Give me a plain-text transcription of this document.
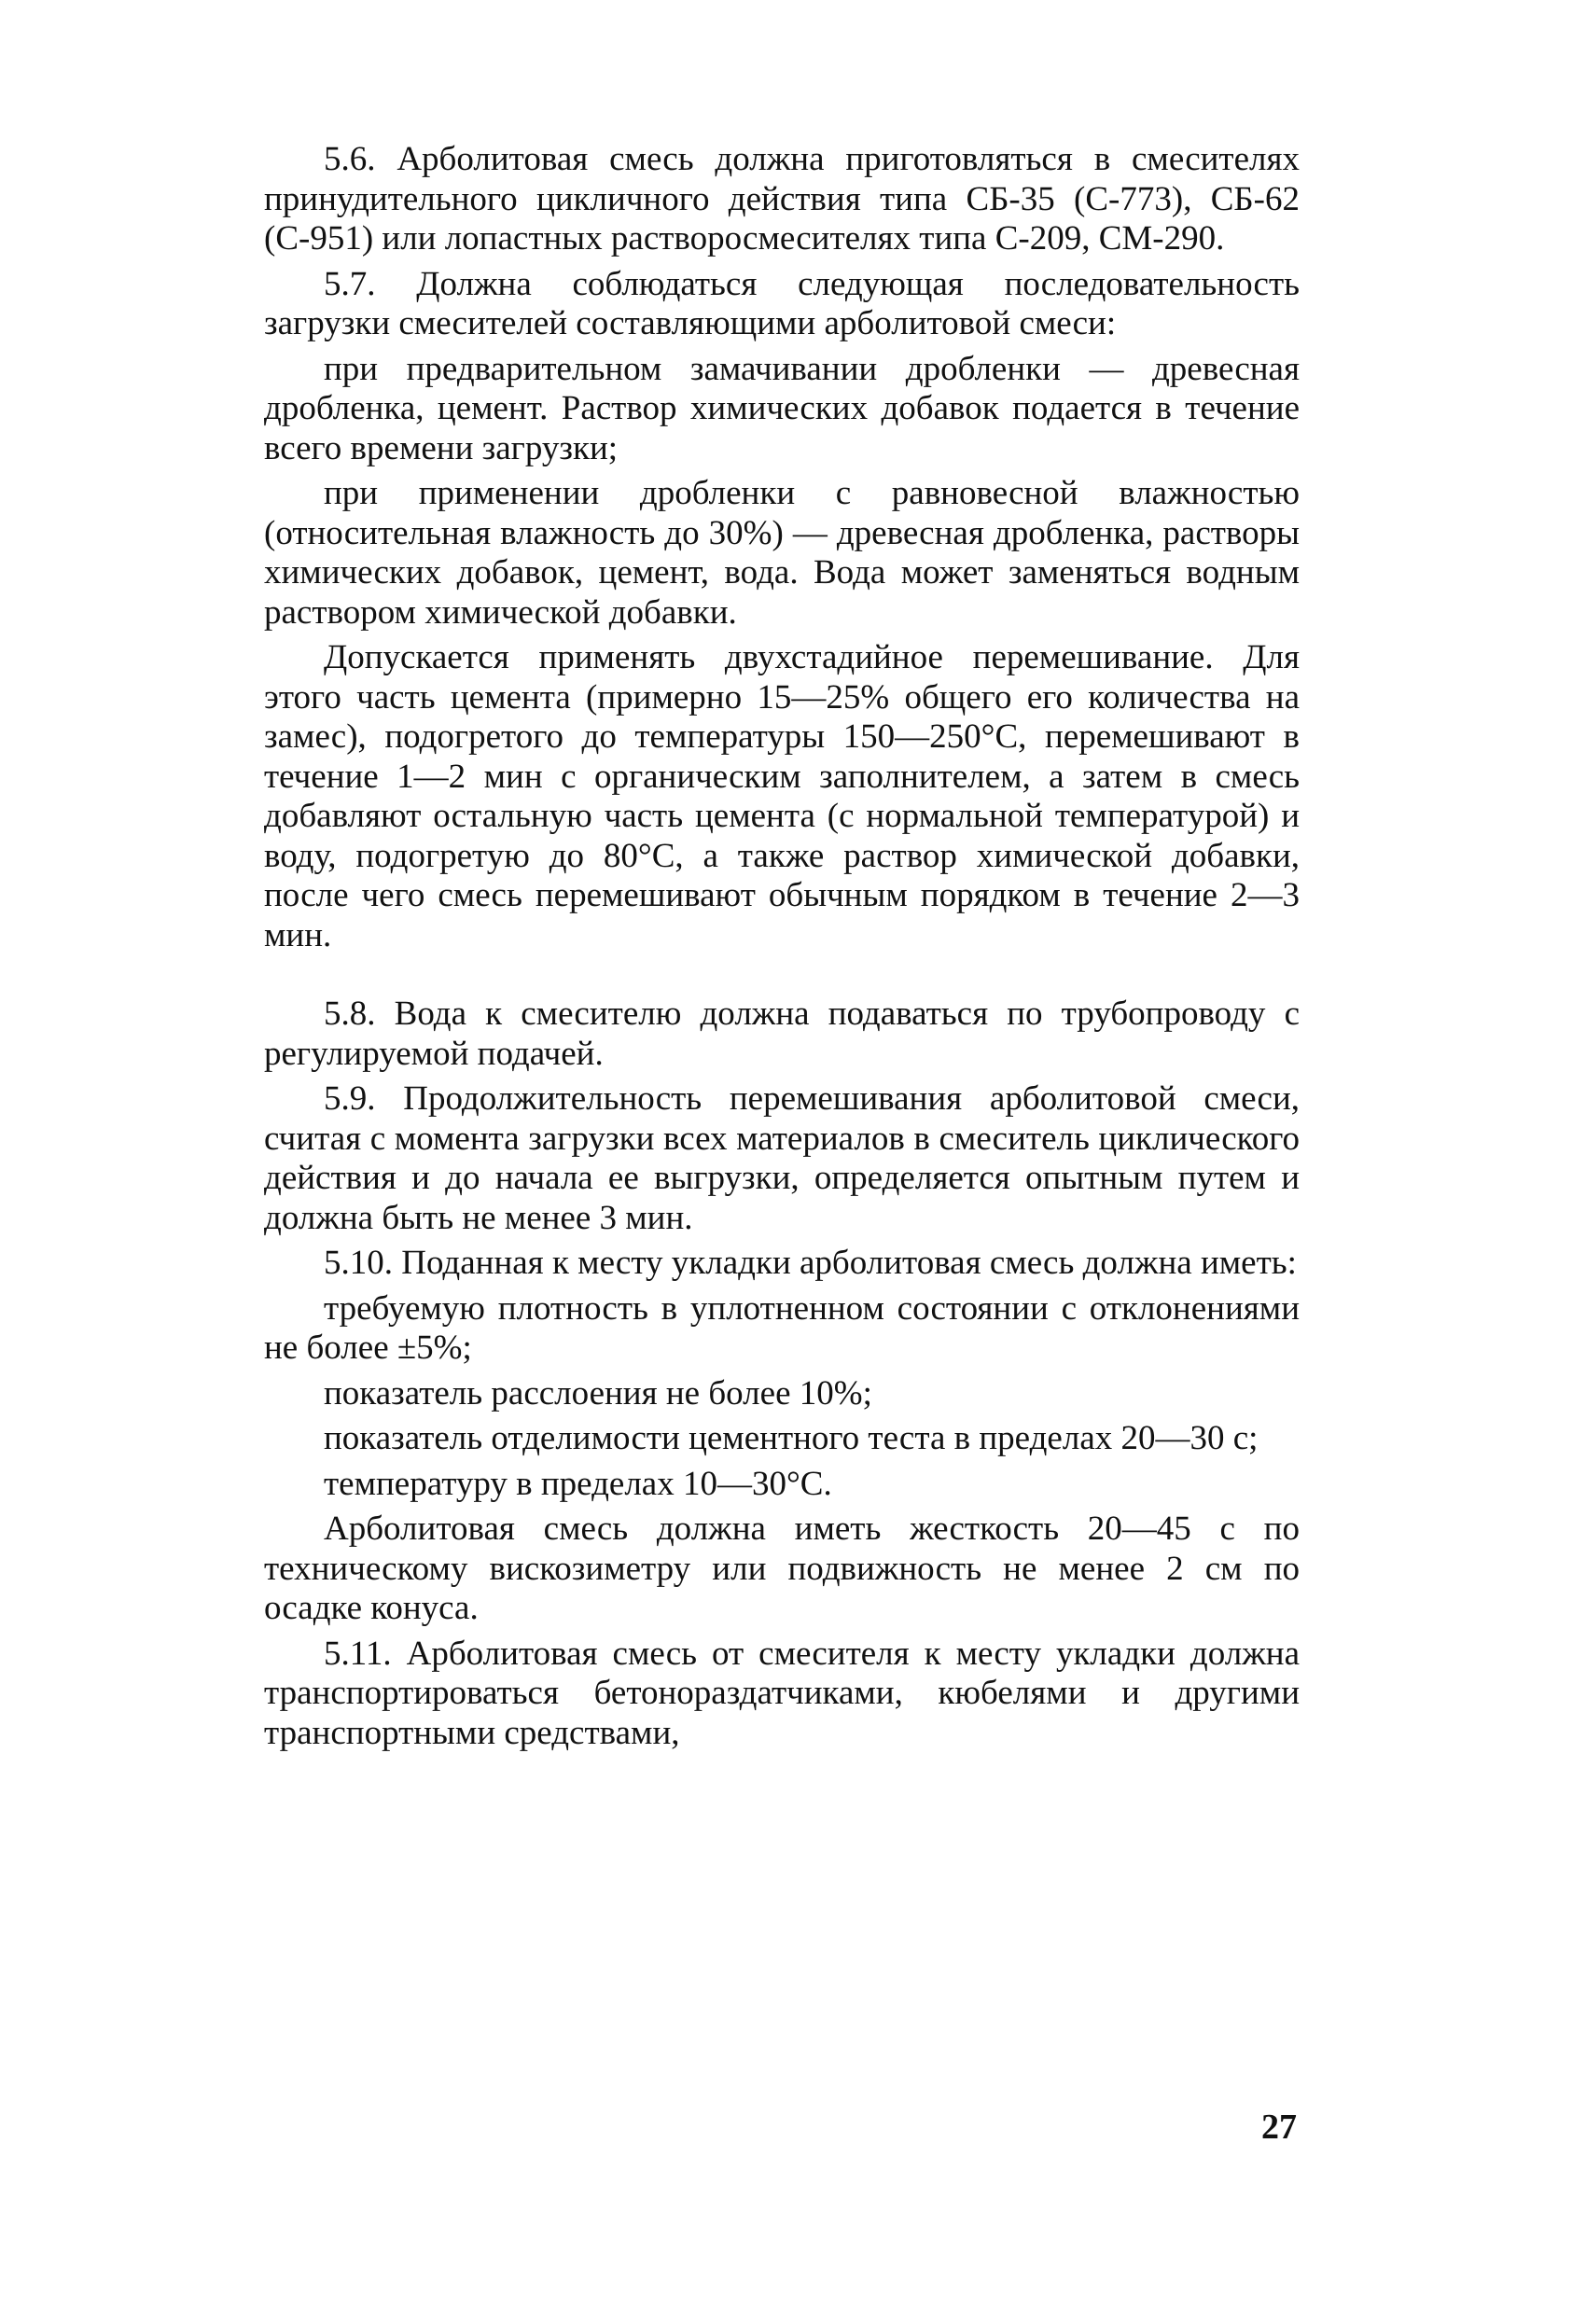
5.6. Арболитовая смесь должна приготовляться в смесителях принудительного цикличного действия типа СБ-35 (С-773), СБ-62 (С-951) или лопастных растворосмесителях типа С-209, СМ-290.

5.7. Должна соблюдаться следующая последовательность загрузки смесителей составляющими арболитовой смеси:

при предварительном замачивании дробленки — древесная дробленка, цемент. Раствор химических добавок подается в течение всего времени загрузки;

при применении дробленки с равновесной влажностью (относительная влажность до 30%) — древесная дробленка, растворы химических добавок, цемент, вода. Вода может заменяться водным раствором химической добавки.

Допускается применять двухстадийное перемешивание. Для этого часть цемента (примерно 15—25% общего его количества на замес), подогретого до температуры 150—250°С, перемешивают в течение 1—2 мин с органическим заполнителем, а затем в смесь добавляют остальную часть цемента (с нормальной температурой) и воду, подогретую до 80°С, а также раствор химической добавки, после чего смесь перемешивают обычным порядком в течение 2—3 мин.

5.8. Вода к смесителю должна подаваться по трубопроводу с регулируемой подачей.

5.9. Продолжительность перемешивания арболитовой смеси, считая с момента загрузки всех материалов в смеситель циклического действия и до начала ее выгрузки, определяется опытным путем и должна быть не менее 3 мин.

5.10. Поданная к месту укладки арболитовая смесь должна иметь:

требуемую плотность в уплотненном состоянии с отклонениями не более ±5%;

показатель расслоения не более 10%;

показатель отделимости цементного теста в пределах 20—30 с;

температуру в пределах 10—30°С.

Арболитовая смесь должна иметь жесткость 20—45 с по техническому вискозиметру или подвижность не менее 2 см по осадке конуса.

5.11. Арболитовая смесь от смесителя к месту укладки должна транспортироваться бетонораздатчиками, кюбелями и другими транспортными средствами,

27
